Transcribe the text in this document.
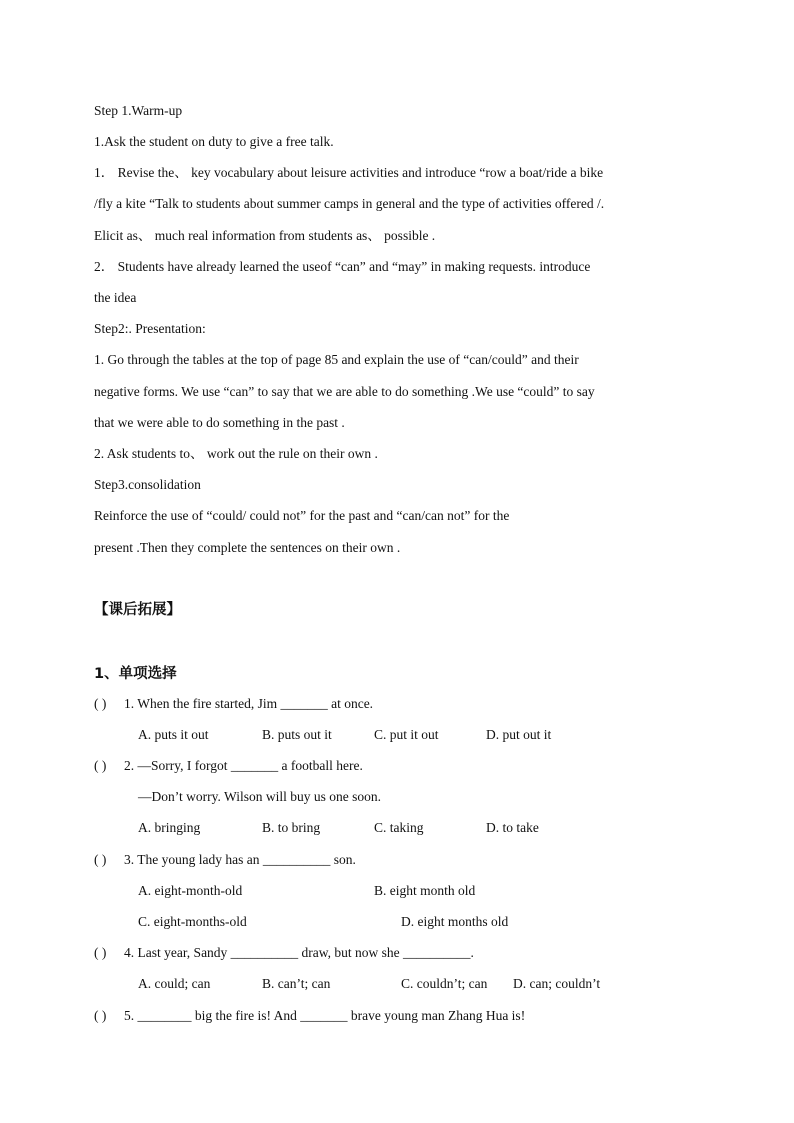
Step 1.Warm-up
1.Ask the student on duty to give a free talk.
1． Revise the、 key vocabulary about leisure activities and introduce “row a boat/ride a bike
/fly a kite “Talk to students about summer camps in general and the type of activities offered /.
Elicit as、 much real information from students as、 possible .
2． Students have already learned the useof “can” and “may” in making requests. introduce
the idea
Step2:. Presentation:
1. Go through the tables at the top of page 85 and explain the use of “can/could” and their
negative forms. We use “can” to say that we are able to do something .We use “could” to say
that we were able to do something in the past .
2. Ask students to、 work out the rule on their own .
Step3.consolidation
Reinforce the use of “could/ could not” for the past and “can/can not” for the
present .Then they complete the sentences on their own .
【课后拓展】
1、单项选择
( ) 1. When the fire started, Jim _______ at once.
A. puts it out	B. puts out it	C. put it out	D. put out it
( ) 2. —Sorry, I forgot _______ a football here.
—Don’t worry. Wilson will buy us one soon.
A. bringing	B. to bring	C. taking	D. to take
( ) 3. The young lady has an __________ son.
A. eight-month-old	B. eight month old
C. eight-months-old	D. eight months old
( ) 4. Last year, Sandy __________ draw, but now she __________.
A. could; can	B. can’t; can	C. couldn’t; can D. can; couldn’t
( ) 5. ________ big the fire is! And _______ brave young man Zhang Hua is!
